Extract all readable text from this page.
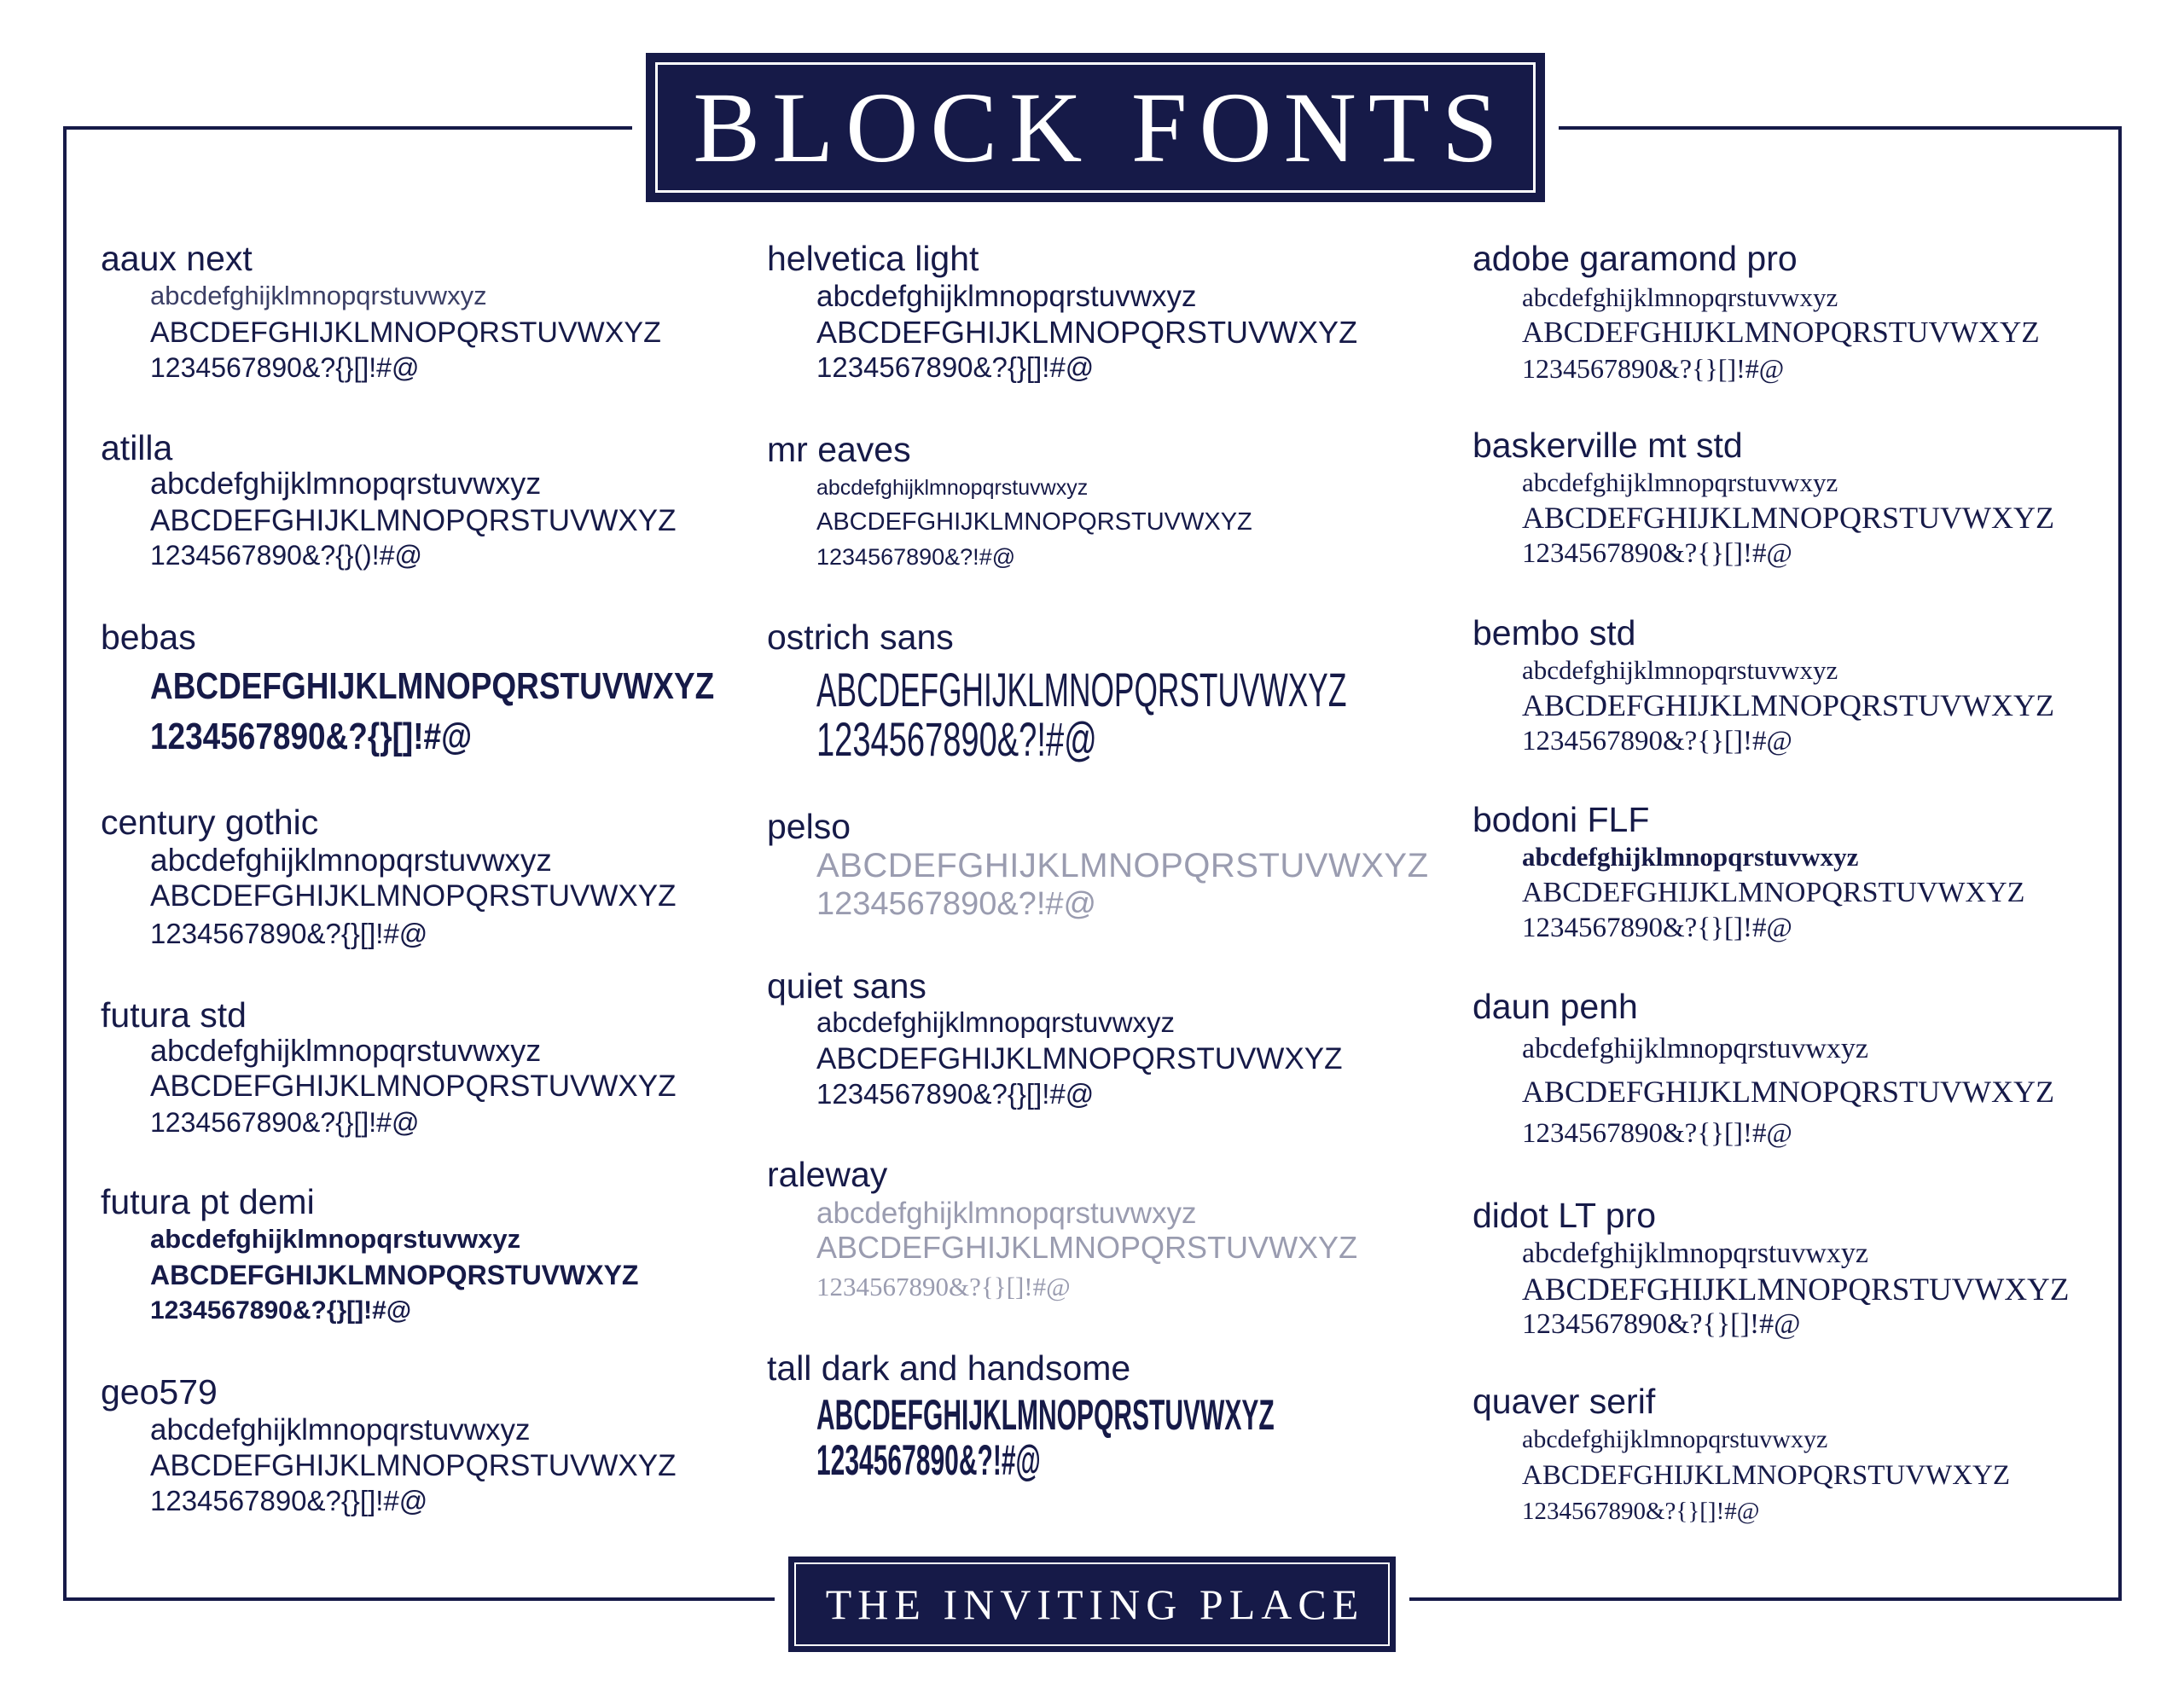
BLOCK FONTS
aaux next
abcdefghijklmnopqrstuvwxyz
ABCDEFGHIJKLMNOPQRSTUVWXYZ
1234567890&?{}[]!#@
atilla
abcdefghijklmnopqrstuvwxyz
ABCDEFGHIJKLMNOPQRSTUVWXYZ
1234567890&?{}()!#@
bebas
ABCDEFGHIJKLMNOPQRSTUVWXYZ
1234567890&?{}[]!#@
century gothic
abcdefghijklmnopqrstuvwxyz
ABCDEFGHIJKLMNOPQRSTUVWXYZ
1234567890&?{}[]!#@
futura std
abcdefghijklmnopqrstuvwxyz
ABCDEFGHIJKLMNOPQRSTUVWXYZ
1234567890&?{}[]!#@
futura pt demi
abcdefghijklmnopqrstuvwxyz
ABCDEFGHIJKLMNOPQRSTUVWXYZ
1234567890&?{}[]!#@
geo579
abcdefghijklmnopqrstuvwxyz
ABCDEFGHIJKLMNOPQRSTUVWXYZ
1234567890&?{}[]!#@
helvetica light
abcdefghijklmnopqrstuvwxyz
ABCDEFGHIJKLMNOPQRSTUVWXYZ
1234567890&?{}[]!#@
mr eaves
abcdefghijklmnopqrstuvwxyz
ABCDEFGHIJKLMNOPQRSTUVWXYZ
1234567890&?!#@
ostrich sans
ABCDEFGHIJKLMNOPQRSTUVWXYZ
1234567890&?!#@
pelso
ABCDEFGHIJKLMNOPQRSTUVWXYZ
1234567890&?!#@
quiet sans
abcdefghijklmnopqrstuvwxyz
ABCDEFGHIJKLMNOPQRSTUVWXYZ
1234567890&?{}[]!#@
raleway
abcdefghijklmnopqrstuvwxyz
ABCDEFGHIJKLMNOPQRSTUVWXYZ
1234567890&?{}[]!#@
tall dark and handsome
ABCDEFGHIJKLMNOPQRSTUVWXYZ
1234567890&?!#@
adobe garamond pro
abcdefghijklmnopqrstuvwxyz
ABCDEFGHIJKLMNOPQRSTUVWXYZ
1234567890&?{}[]!#@
baskerville mt std
abcdefghijklmnopqrstuvwxyz
ABCDEFGHIJKLMNOPQRSTUVWXYZ
1234567890&?{}[]!#@
bembo std
abcdefghijklmnopqrstuvwxyz
ABCDEFGHIJKLMNOPQRSTUVWXYZ
1234567890&?{}[]!#@
bodoni FLF
abcdefghijklmnopqrstuvwxyz
ABCDEFGHIJKLMNOPQRSTUVWXYZ
1234567890&?{}[]!#@
daun penh
abcdefghijklmnopqrstuvwxyz
ABCDEFGHIJKLMNOPQRSTUVWXYZ
1234567890&?{}[]!#@
didot LT pro
abcdefghijklmnopqrstuvwxyz
ABCDEFGHIJKLMNOPQRSTUVWXYZ
1234567890&?{}[]!#@
quaver serif
abcdefghijklmnopqrstuvwxyz
ABCDEFGHIJKLMNOPQRSTUVWXYZ
1234567890&?{}[]!#@
THE INVITING PLACE
